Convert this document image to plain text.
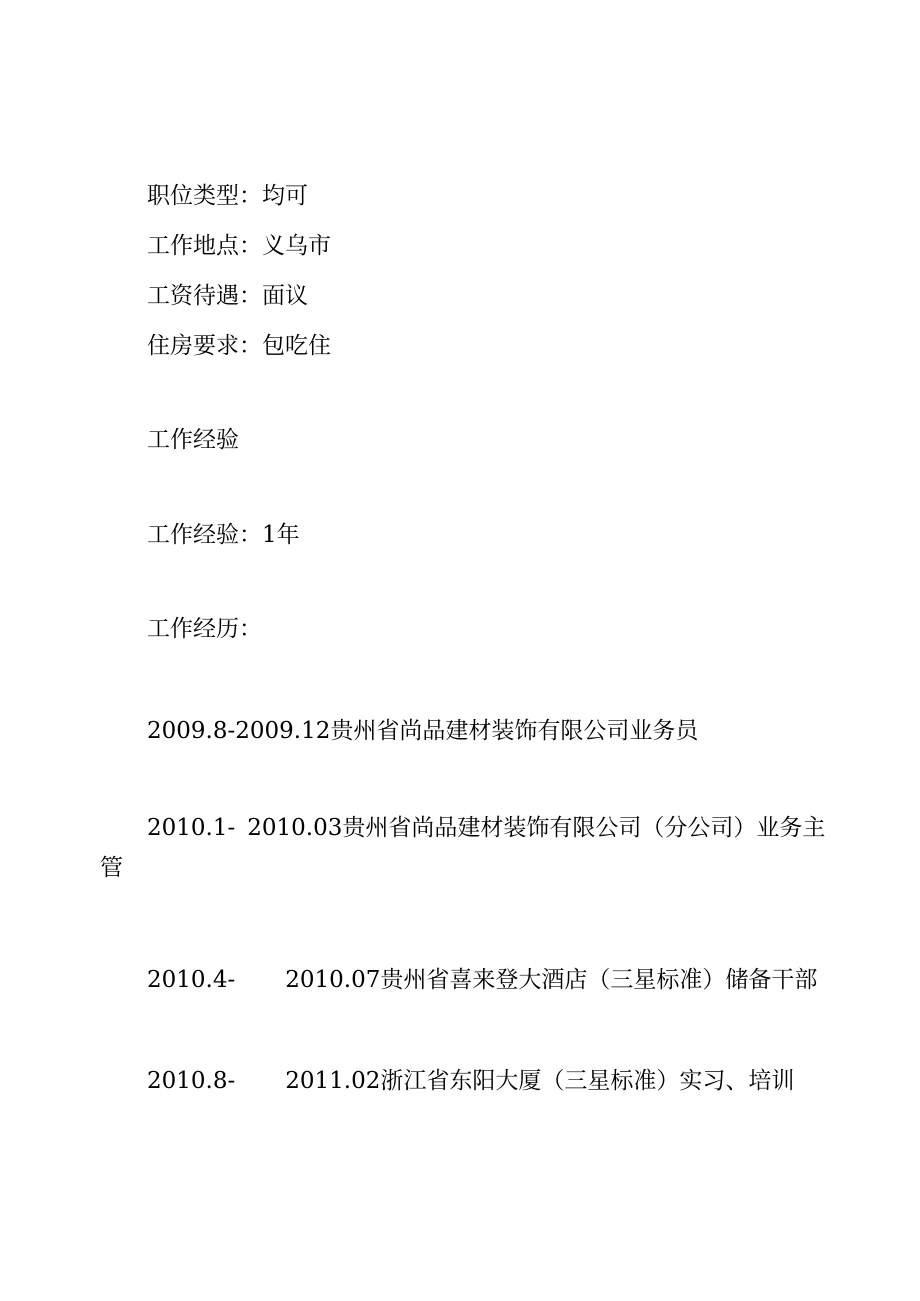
职位类型：均可
工作地点：义乌市
工资待遇：面议
住房要求：包吃住
工作经验
工作经验：1年
工作经历：
2009.8-2009.12贵州省尚品建材装饰有限公司业务员
2010.1- 2010.03贵州省尚品建材装饰有限公司（分公司）业务主
管
2010.4- 2010.07贵州省喜来登大酒店（三星标准）储备干部
2010.8- 2011.02浙江省东阳大厦（三星标准）实习、培训
